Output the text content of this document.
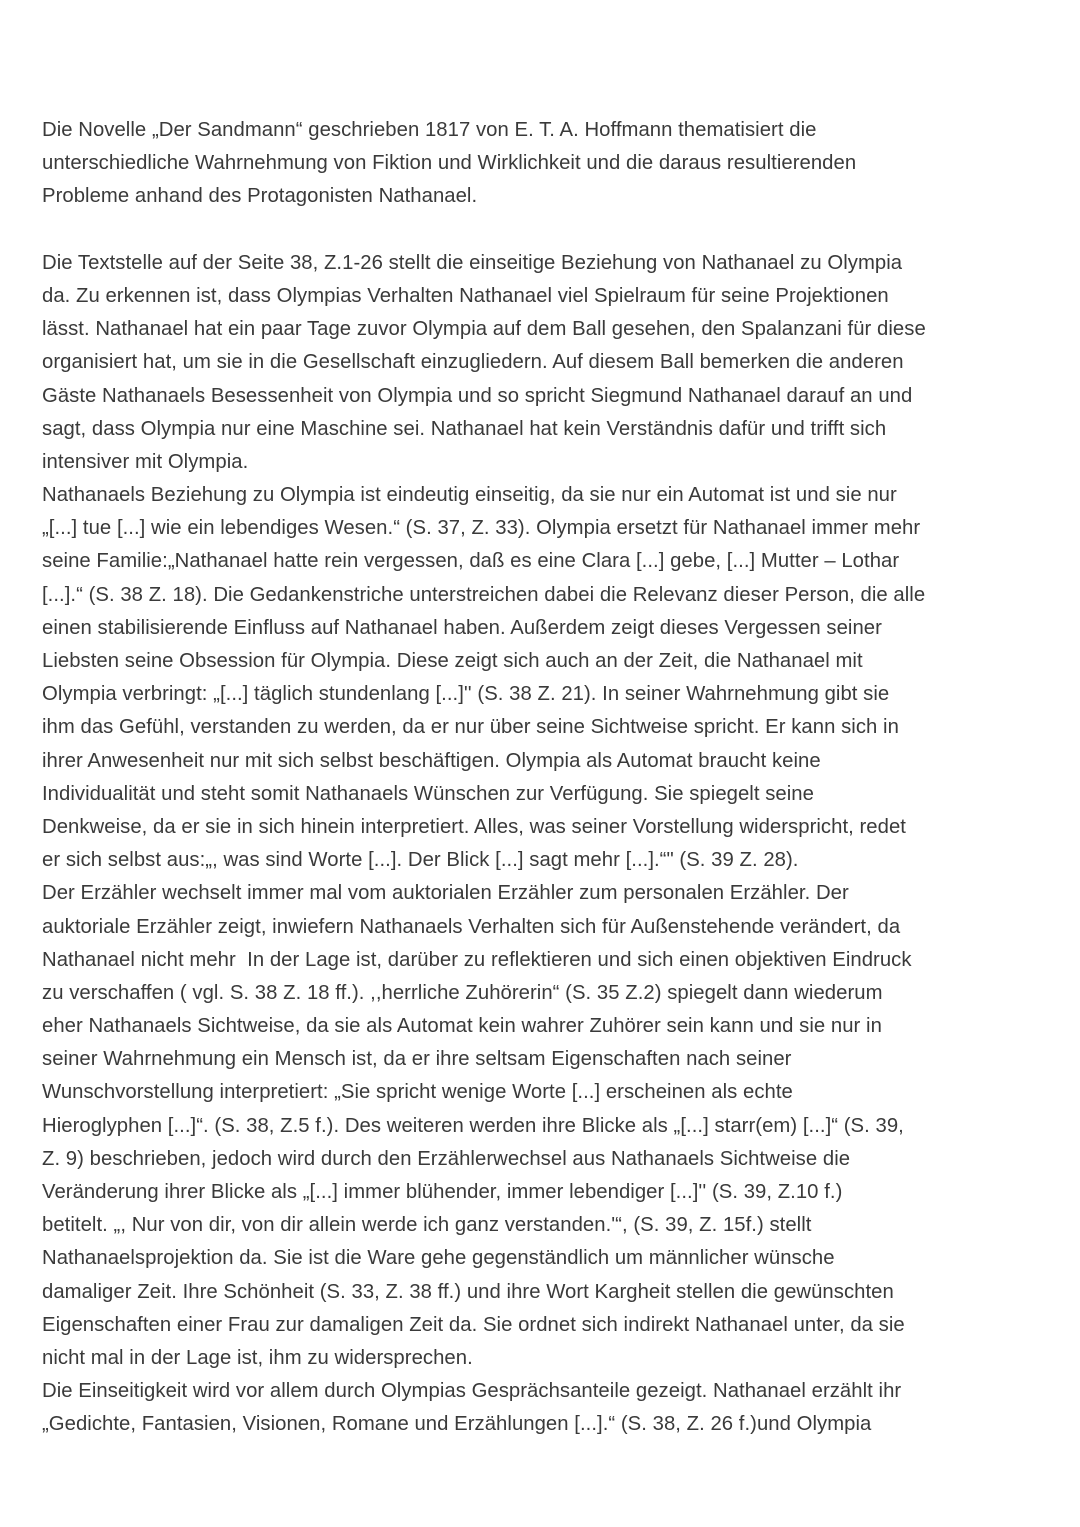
Die Novelle „Der Sandmann“ geschrieben 1817 von E. T. A. Hoffmann thematisiert die
unterschiedliche Wahrnehmung von Fiktion und Wirklichkeit und die daraus resultierenden
Probleme anhand des Protagonisten Nathanael.
Die Textstelle auf der Seite 38, Z.1-26 stellt die einseitige Beziehung von Nathanael zu Olympia
da. Zu erkennen ist, dass Olympias Verhalten Nathanael viel Spielraum für seine Projektionen
lässt. Nathanael hat ein paar Tage zuvor Olympia auf dem Ball gesehen, den Spalanzani für diese
organisiert hat, um sie in die Gesellschaft einzugliedern. Auf diesem Ball bemerken die anderen
Gäste Nathanaels Besessenheit von Olympia und so spricht Siegmund Nathanael darauf an und
sagt, dass Olympia nur eine Maschine sei. Nathanael hat kein Verständnis dafür und trifft sich
intensiver mit Olympia.
Nathanaels Beziehung zu Olympia ist eindeutig einseitig, da sie nur ein Automat ist und sie nur
„[...] tue [...] wie ein lebendiges Wesen.“ (S. 37, Z. 33). Olympia ersetzt für Nathanael immer mehr
seine Familie:„Nathanael hatte rein vergessen, daß es eine Clara [...] gebe, [...] Mutter – Lothar
[...].“ (S. 38 Z. 18). Die Gedankenstriche unterstreichen dabei die Relevanz dieser Person, die alle
einen stabilisierende Einfluss auf Nathanael haben. Außerdem zeigt dieses Vergessen seiner
Liebsten seine Obsession für Olympia. Diese zeigt sich auch an der Zeit, die Nathanael mit
Olympia verbringt: „[...] täglich stundenlang [...]'' (S. 38 Z. 21). In seiner Wahrnehmung gibt sie
ihm das Gefühl, verstanden zu werden, da er nur über seine Sichtweise spricht. Er kann sich in
ihrer Anwesenheit nur mit sich selbst beschäftigen. Olympia als Automat braucht keine
Individualität und steht somit Nathanaels Wünschen zur Verfügung. Sie spiegelt seine
Denkweise, da er sie in sich hinein interpretiert. Alles, was seiner Vorstellung widerspricht, redet
er sich selbst aus:„, was sind Worte [...]. Der Blick [...] sagt mehr [...].“" (S. 39 Z. 28).
Der Erzähler wechselt immer mal vom auktorialen Erzähler zum personalen Erzähler. Der
auktoriale Erzähler zeigt, inwiefern Nathanaels Verhalten sich für Außenstehende verändert, da
Nathanael nicht mehr  In der Lage ist, darüber zu reflektieren und sich einen objektiven Eindruck
zu verschaffen ( vgl. S. 38 Z. 18 ff.). ,,herrliche Zuhörerin“ (S. 35 Z.2) spiegelt dann wiederum
eher Nathanaels Sichtweise, da sie als Automat kein wahrer Zuhörer sein kann und sie nur in
seiner Wahrnehmung ein Mensch ist, da er ihre seltsam Eigenschaften nach seiner
Wunschvorstellung interpretiert: „Sie spricht wenige Worte [...] erscheinen als echte
Hieroglyphen [...]“. (S. 38, Z.5 f.). Des weiteren werden ihre Blicke als „[...] starr(em) [...]“ (S. 39,
Z. 9) beschrieben, jedoch wird durch den Erzählerwechsel aus Nathanaels Sichtweise die
Veränderung ihrer Blicke als „[...] immer blühender, immer lebendiger [...]'' (S. 39, Z.10 f.)
betitelt. „, Nur von dir, von dir allein werde ich ganz verstanden.'“, (S. 39, Z. 15f.) stellt
Nathanaelsprojektion da. Sie ist die Ware gehe gegenständlich um männlicher wünsche
damaliger Zeit. Ihre Schönheit (S. 33, Z. 38 ff.) und ihre Wort Kargheit stellen die gewünschten
Eigenschaften einer Frau zur damaligen Zeit da. Sie ordnet sich indirekt Nathanael unter, da sie
nicht mal in der Lage ist, ihm zu widersprechen.
Die Einseitigkeit wird vor allem durch Olympias Gesprächsanteile gezeigt. Nathanael erzählt ihr
„Gedichte, Fantasien, Visionen, Romane und Erzählungen [...].“ (S. 38, Z. 26 f.)und Olympia
